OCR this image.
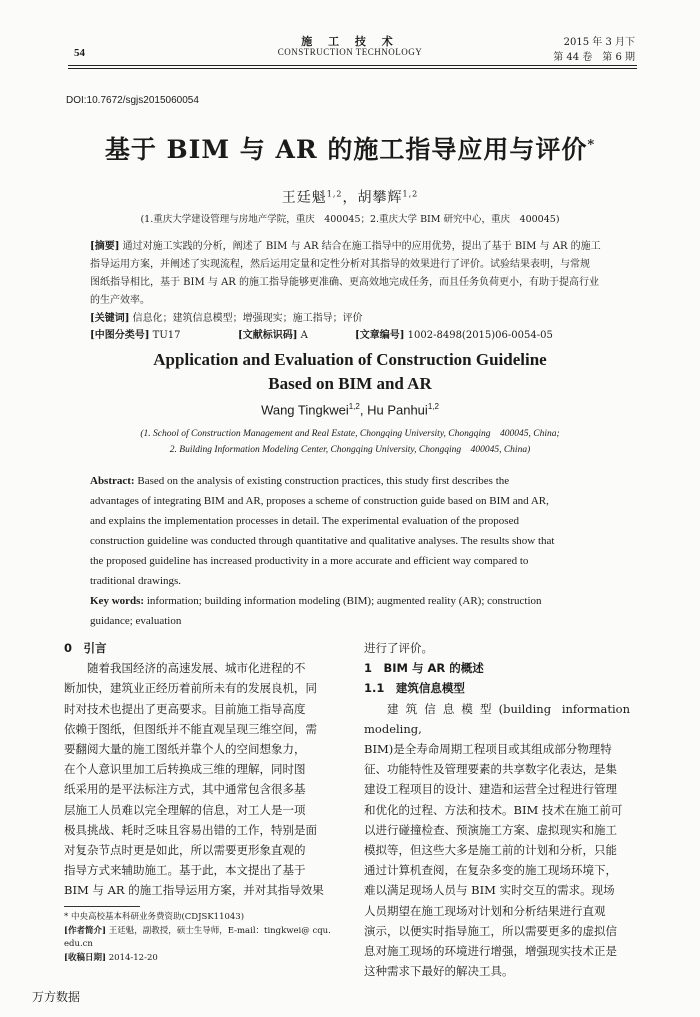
施 工 技 术
CONSTRUCTION TECHNOLOGY
2015 年 3 月下
第 44 卷　第 6 期
54
DOI:10.7672/sgjs2015060054
基于 BIM 与 AR 的施工指导应用与评价*
王廷魁$^{1,2}$，胡攀辉$^{1,2}$
(1.重庆大学建设管理与房地产学院，重庆　400045；2.重庆大学 BIM 研究中心，重庆　400045)
[摘要] 通过对施工实践的分析，阐述了 BIM 与 AR 结合在施工指导中的应用优势，提出了基于 BIM 与 AR 的施工
指导运用方案，并阐述了实现流程，然后运用定量和定性分析对其指导的效果进行了评价。试验结果表明，与常规
图纸指导相比，基于 BIM 与 AR 的施工指导能够更准确、更高效地完成任务，而且任务负荷更小，有助于提高行业
的生产效率。
[关键词] 信息化；建筑信息模型；增强现实；施工指导；评价
[中图分类号] TU17	[文献标识码] A	[文章编号] 1002-8498(2015)06-0054-05
Application and Evaluation of Construction Guideline
Based on BIM and AR
Wang Tingkwei$^{1,2}$, Hu Panhui$^{1,2}$
(1. School of Construction Management and Real Estate, Chongqing University, Chongqing　400045, China;
2. Building Information Modeling Center, Chongqing University, Chongqing　400045, China)
Abstract: Based on the analysis of existing construction practices, this study first describes the
advantages of integrating BIM and AR, proposes a scheme of construction guide based on BIM and AR,
and explains the implementation processes in detail. The experimental evaluation of the proposed
construction guideline was conducted through quantitative and qualitative analyses. The results show that
the proposed guideline has increased productivity in a more accurate and efficient way compared to
traditional drawings.
Key words: information; building information modeling (BIM); augmented reality (AR); construction
guidance; evaluation
0　引言

随着我国经济的高速发展、城市化进程的不

断加快，建筑业正经历着前所未有的发展良机，同
时对技术也提出了更高要求。目前施工指导高度
依赖于图纸，但图纸并不能直观呈现三维空间，需
要翻阅大量的施工图纸并靠个人的空间想象力，
在个人意识里加工后转换成三维的理解，同时图
纸采用的是平法标注方式，其中通常包含很多基
层施工人员难以完全理解的信息，对工人是一项
极具挑战、耗时乏味且容易出错的工作，特别是面
对复杂节点时更是如此，所以需要更形象直观的
指导方式来辅助施工。基于此，本文提出了基于
BIM 与 AR 的施工指导运用方案，并对其指导效果
进行了评价。
1　BIM 与 AR 的概述
1.1　建筑信息模型

建筑信息模型(building information modeling,

BIM)是全寿命周期工程项目或其组成部分物理特
征、功能特性及管理要素的共享数字化表达，是集
建设工程项目的设计、建造和运营全过程进行管理
和优化的过程、方法和技术。BIM 技术在施工前可
以进行碰撞检查、预演施工方案、虚拟现实和施工
模拟等，但这些大多是施工前的计划和分析，只能
通过计算机查阅，在复杂多变的施工现场环境下，
难以满足现场人员与 BIM 实时交互的需求。现场
人员期望在施工现场对计划和分析结果进行直观
演示，以便实时指导施工，所以需要更多的虚拟信
息对施工现场的环境进行增强，增强现实技术正是
这种需求下最好的解决工具。
* 中央高校基本科研业务费资助(CDJSK11043)
[作者简介] 王廷魁，副教授，硕士生导师，E-mail：tingkwei@ cqu.
edu.cn
[收稿日期] 2014-12-20
万方数据
